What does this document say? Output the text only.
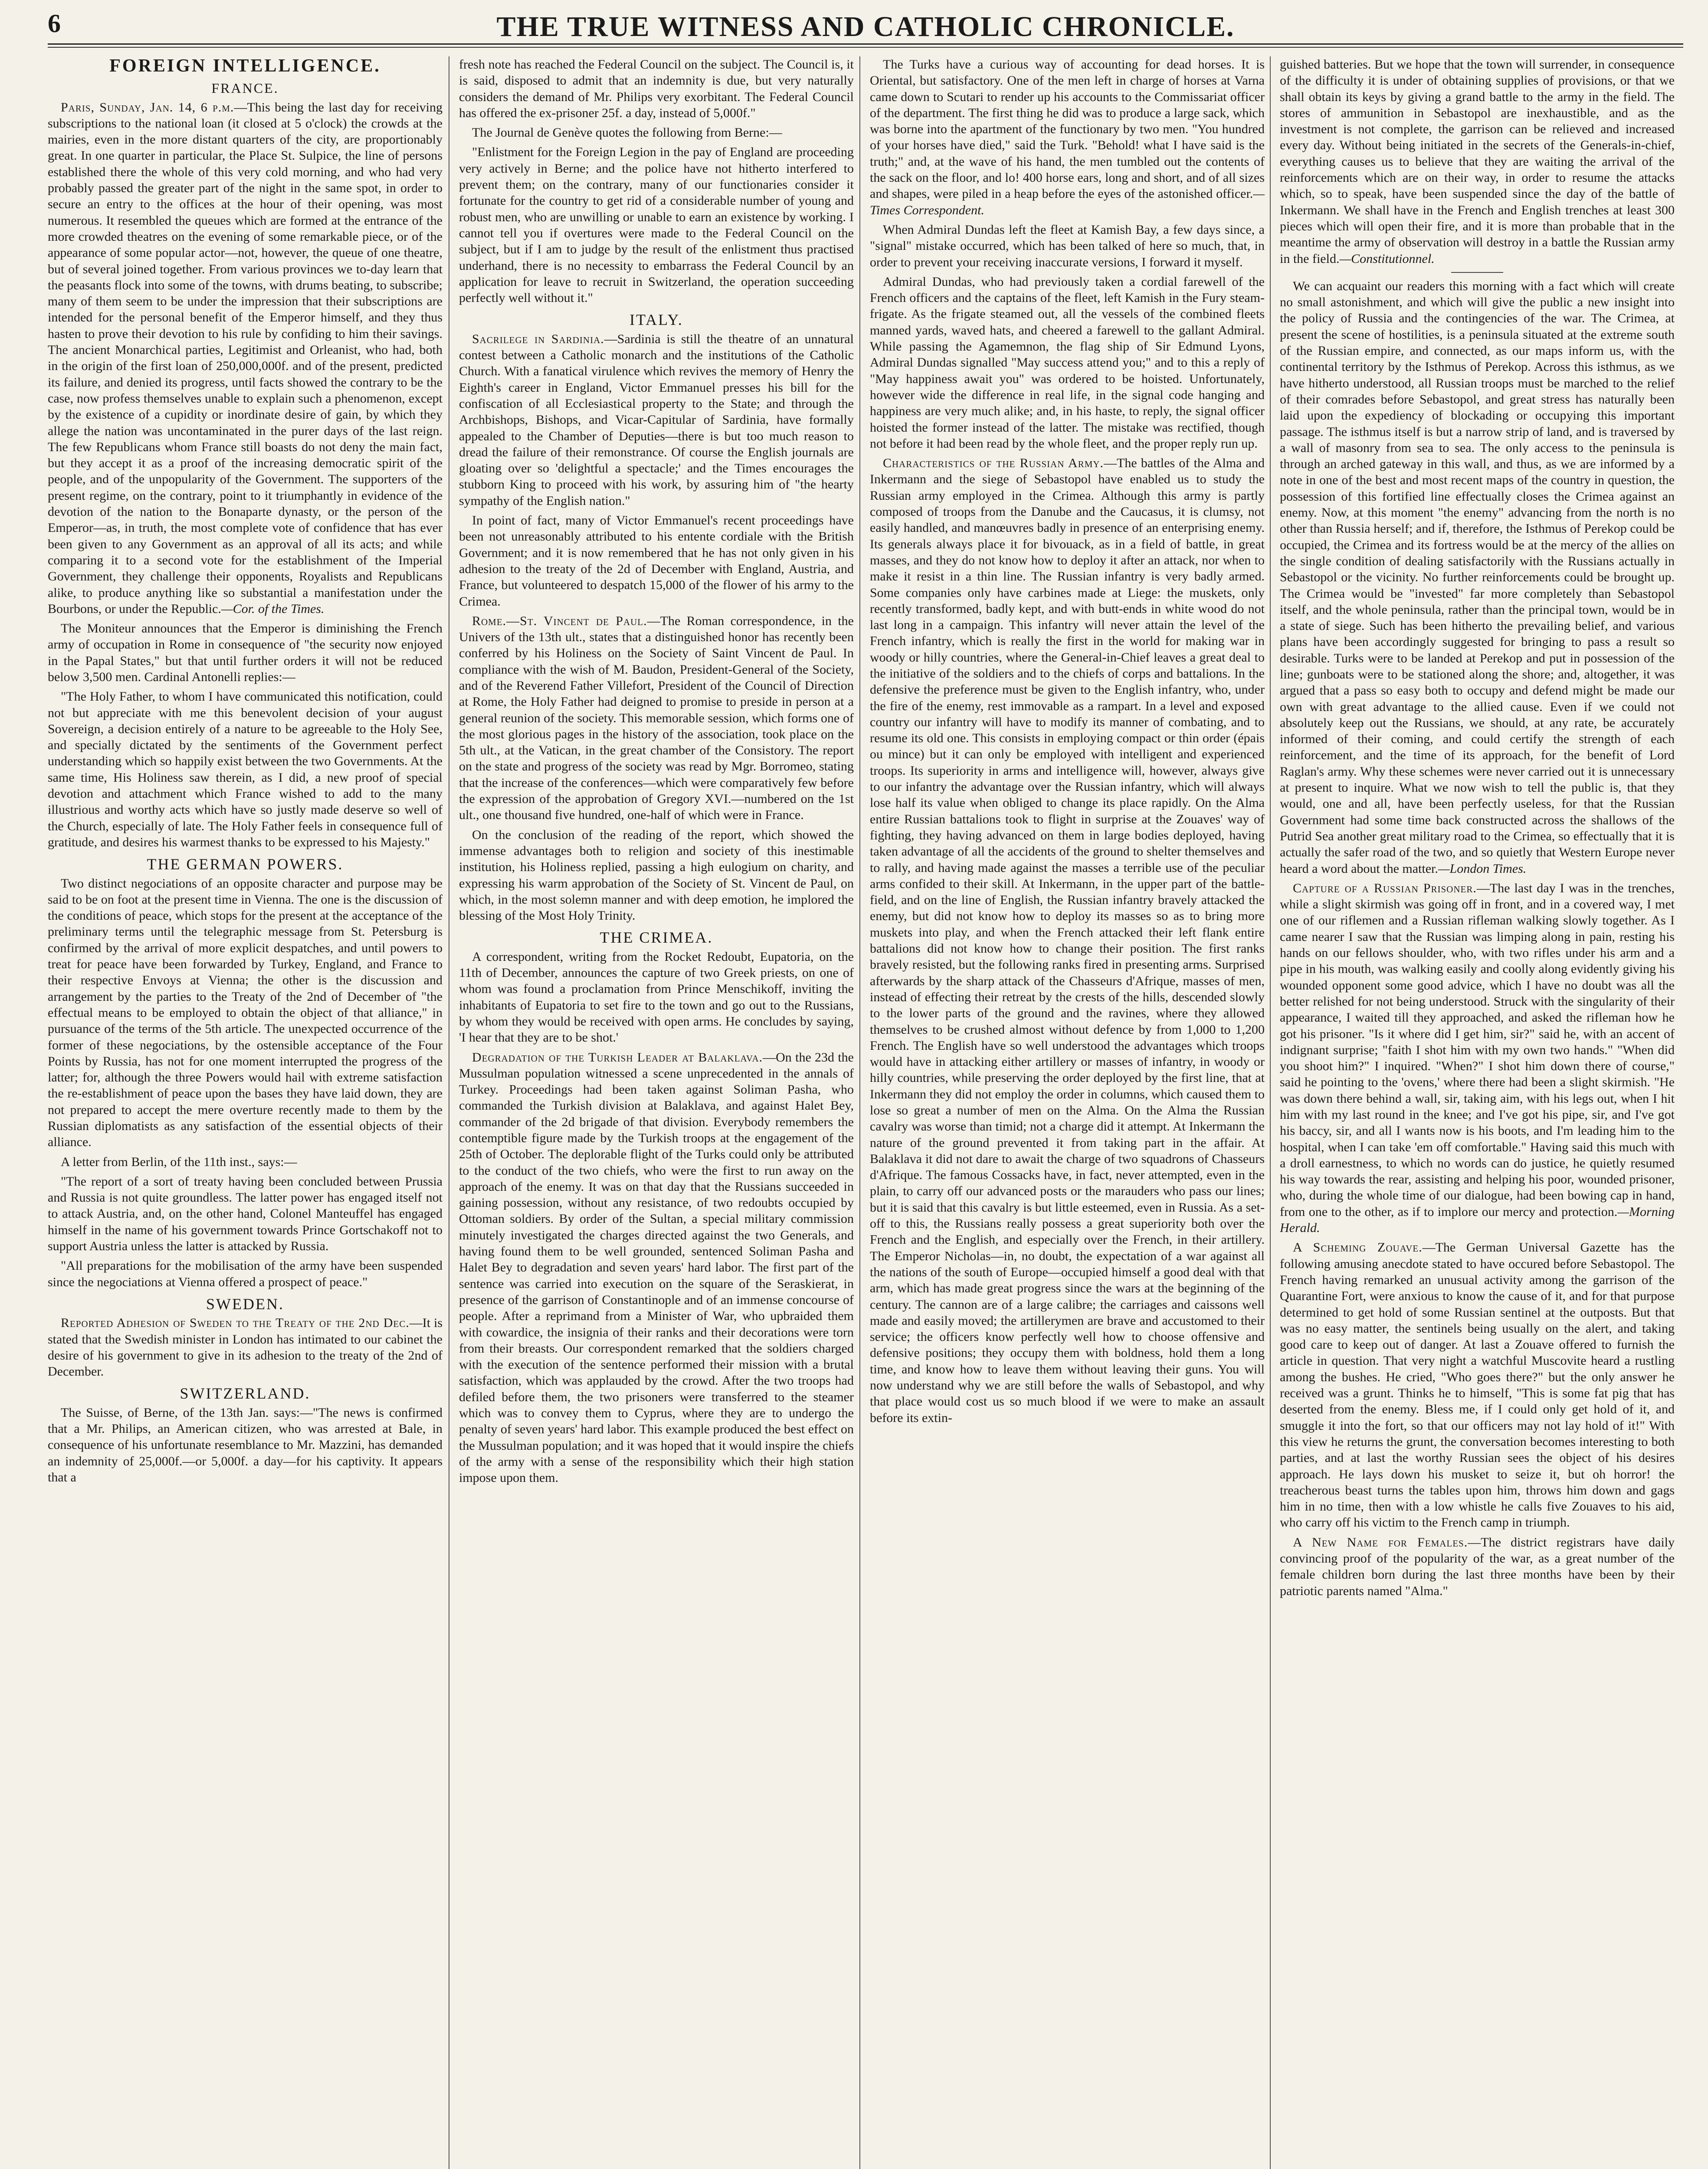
6	THE TRUE WITNESS AND CATHOLIC CHRONICLE.
FOREIGN INTELLIGENCE.
FRANCE.

Paris, Sunday, Jan. 14, 6 p.m.—This being the last day for receiving subscriptions to the national loan (it closed at 5 o'clock) the crowds at the mairies, even in the more distant quarters of the city, are proportionably great. In one quarter in particular, the Place St. Sulpice, the line of persons established there the whole of this very cold morning, and who had very probably passed the greater part of the night in the same spot, in order to secure an entry to the offices at the hour of their opening, was most numerous. It resembled the queues which are formed at the entrance of the more crowded theatres on the evening of some remarkable piece, or of the appearance of some popular actor—not, however, the queue of one theatre, but of several joined together. From various provinces we to-day learn that the peasants flock into some of the towns, with drums beating, to subscribe; many of them seem to be under the impression that their subscriptions are intended for the personal benefit of the Emperor himself, and they thus hasten to prove their devotion to his rule by confiding to him their savings. The ancient Monarchical parties, Legitimist and Orleanist, who had, both in the origin of the first loan of 250,000,000f. and of the present, predicted its failure, and denied its progress, until facts showed the contrary to be the case, now profess themselves unable to explain such a phenomenon, except by the existence of a cupidity or inordinate desire of gain, by which they allege the nation was uncontaminated in the purer days of the last reign. The few Republicans whom France still boasts do not deny the main fact, but they accept it as a proof of the increasing democratic spirit of the people, and of the unpopularity of the Government. The supporters of the present regime, on the contrary, point to it triumphantly in evidence of the devotion of the nation to the Bonaparte dynasty, or the person of the Emperor—as, in truth, the most complete vote of confidence that has ever been given to any Government as an approval of all its acts; and while comparing it to a second vote for the establishment of the Imperial Government, they challenge their opponents, Royalists and Republicans alike, to produce anything like so substantial a manifestation under the Bourbons, or under the Republic.—Cor. of the Times.

The Moniteur announces that the Emperor is diminishing the French army of occupation in Rome in consequence of "the security now enjoyed in the Papal States," but that until further orders it will not be reduced below 3,500 men. Cardinal Antonelli replies:—

"The Holy Father, to whom I have communicated this notification, could not but appreciate with me this benevolent decision of your august Sovereign, a decision entirely of a nature to be agreeable to the Holy See, and specially dictated by the sentiments of the Government perfect understanding which so happily exist between the two Governments. At the same time, His Holiness saw therein, as I did, a new proof of special devotion and attachment which France wished to add to the many illustrious and worthy acts which have so justly made deserve so well of the Church, especially of late. The Holy Father feels in consequence full of gratitude, and desires his warmest thanks to be expressed to his Majesty."

THE GERMAN POWERS.

Two distinct negociations of an opposite character and purpose may be said to be on foot at the present time in Vienna. The one is the discussion of the conditions of peace, which stops for the present at the acceptance of the preliminary terms until the telegraphic message from St. Petersburg is confirmed by the arrival of more explicit despatches, and until powers to treat for peace have been forwarded by Turkey, England, and France to their respective Envoys at Vienna; the other is the discussion and arrangement by the parties to the Treaty of the 2nd of December of "the effectual means to be employed to obtain the object of that alliance," in pursuance of the terms of the 5th article. The unexpected occurrence of the former of these negociations, by the ostensible acceptance of the Four Points by Russia, has not for one moment interrupted the progress of the latter; for, although the three Powers would hail with extreme satisfaction the re-establishment of peace upon the bases they have laid down, they are not prepared to accept the mere overture recently made to them by the Russian diplomatists as any satisfaction of the essential objects of their alliance.

A letter from Berlin, of the 11th inst., says:—

"The report of a sort of treaty having been concluded between Prussia and Russia is not quite groundless. The latter power has engaged itself not to attack Austria, and, on the other hand, Colonel Manteuffel has engaged himself in the name of his government towards Prince Gortschakoff not to support Austria unless the latter is attacked by Russia.

"All preparations for the mobilisation of the army have been suspended since the negociations at Vienna offered a prospect of peace."

SWEDEN.

Reported Adhesion of Sweden to the Treaty of the 2nd Dec.—It is stated that the Swedish minister in London has intimated to our cabinet the desire of his government to give in its adhesion to the treaty of the 2nd of December.

SWITZERLAND.

The Suisse, of Berne, of the 13th Jan. says:—"The news is confirmed that a Mr. Philips, an American citizen, who was arrested at Bale, in consequence of his unfortunate resemblance to Mr. Mazzini, has demanded an indemnity of 25,000f.—or 5,000f. a day—for his captivity. It appears that a

fresh note has reached the Federal Council on the subject. The Council is, it is said, disposed to admit that an indemnity is due, but very naturally considers the demand of Mr. Philips very exorbitant. The Federal Council has offered the ex-prisoner 25f. a day, instead of 5,000f."

The Journal de Genève quotes the following from Berne:—

"Enlistment for the Foreign Legion in the pay of England are proceeding very actively in Berne; and the police have not hitherto interfered to prevent them; on the contrary, many of our functionaries consider it fortunate for the country to get rid of a considerable number of young and robust men, who are unwilling or unable to earn an existence by working. I cannot tell you if overtures were made to the Federal Council on the subject, but if I am to judge by the result of the enlistment thus practised underhand, there is no necessity to embarrass the Federal Council by an application for leave to recruit in Switzerland, the operation succeeding perfectly well without it."

ITALY.

Sacrilege in Sardinia.—Sardinia is still the theatre of an unnatural contest between a Catholic monarch and the institutions of the Catholic Church. With a fanatical virulence which revives the memory of Henry the Eighth's career in England, Victor Emmanuel presses his bill for the confiscation of all Ecclesiastical property to the State; and through the Archbishops, Bishops, and Vicar-Capitular of Sardinia, have formally appealed to the Chamber of Deputies—there is but too much reason to dread the failure of their remonstrance. Of course the English journals are gloating over so 'delightful a spectacle;' and the Times encourages the stubborn King to proceed with his work, by assuring him of "the hearty sympathy of the English nation."

In point of fact, many of Victor Emmanuel's recent proceedings have been not unreasonably attributed to his entente cordiale with the British Government; and it is now remembered that he has not only given in his adhesion to the treaty of the 2d of December with England, Austria, and France, but volunteered to despatch 15,000 of the flower of his army to the Crimea.

Rome.—St. Vincent de Paul.—The Roman correspondence, in the Univers of the 13th ult., states that a distinguished honor has recently been conferred by his Holiness on the Society of Saint Vincent de Paul. In compliance with the wish of M. Baudon, President-General of the Society, and of the Reverend Father Villefort, President of the Council of Direction at Rome, the Holy Father had deigned to promise to preside in person at a general reunion of the society. This memorable session, which forms one of the most glorious pages in the history of the association, took place on the 5th ult., at the Vatican, in the great chamber of the Consistory. The report on the state and progress of the society was read by Mgr. Borromeo, stating that the increase of the conferences—which were comparatively few before the expression of the approbation of Gregory XVI.—numbered on the 1st ult., one thousand five hundred, one-half of which were in France.

On the conclusion of the reading of the report, which showed the immense advantages both to religion and society of this inestimable institution, his Holiness replied, passing a high eulogium on charity, and expressing his warm approbation of the Society of St. Vincent de Paul, on which, in the most solemn manner and with deep emotion, he implored the blessing of the Most Holy Trinity.

THE CRIMEA.

A correspondent, writing from the Rocket Redoubt, Eupatoria, on the 11th of December, announces the capture of two Greek priests, on one of whom was found a proclamation from Prince Menschikoff, inviting the inhabitants of Eupatoria to set fire to the town and go out to the Russians, by whom they would be received with open arms. He concludes by saying, 'I hear that they are to be shot.'

Degradation of the Turkish Leader at Balaklava.—On the 23d the Mussulman population witnessed a scene unprecedented in the annals of Turkey. Proceedings had been taken against Soliman Pasha, who commanded the Turkish division at Balaklava, and against Halet Bey, commander of the 2d brigade of that division. Everybody remembers the contemptible figure made by the Turkish troops at the engagement of the 25th of October. The deplorable flight of the Turks could only be attributed to the conduct of the two chiefs, who were the first to run away on the approach of the enemy. It was on that day that the Russians succeeded in gaining possession, without any resistance, of two redoubts occupied by Ottoman soldiers. By order of the Sultan, a special military commission minutely investigated the charges directed against the two Generals, and having found them to be well grounded, sentenced Soliman Pasha and Halet Bey to degradation and seven years' hard labor. The first part of the sentence was carried into execution on the square of the Seraskierat, in presence of the garrison of Constantinople and of an immense concourse of people. After a reprimand from a Minister of War, who upbraided them with cowardice, the insignia of their ranks and their decorations were torn from their breasts. Our correspondent remarked that the soldiers charged with the execution of the sentence performed their mission with a brutal satisfaction, which was applauded by the crowd. After the two troops had defiled before them, the two prisoners were transferred to the steamer which was to convey them to Cyprus, where they are to undergo the penalty of seven years' hard labor. This example produced the best effect on the Mussulman population; and it was hoped that it would inspire the chiefs of the army with a sense of the responsibility which their high station impose upon them.

The Turks have a curious way of accounting for dead horses. It is Oriental, but satisfactory. One of the men left in charge of horses at Varna came down to Scutari to render up his accounts to the Commissariat officer of the department. The first thing he did was to produce a large sack, which was borne into the apartment of the functionary by two men. "You hundred of your horses have died," said the Turk. "Behold! what I have said is the truth;" and, at the wave of his hand, the men tumbled out the contents of the sack on the floor, and lo! 400 horse ears, long and short, and of all sizes and shapes, were piled in a heap before the eyes of the astonished officer.—Times Correspondent.

When Admiral Dundas left the fleet at Kamish Bay, a few days since, a "signal" mistake occurred, which has been talked of here so much, that, in order to prevent your receiving inaccurate versions, I forward it myself.

Admiral Dundas, who had previously taken a cordial farewell of the French officers and the captains of the fleet, left Kamish in the Fury steam-frigate. As the frigate steamed out, all the vessels of the combined fleets manned yards, waved hats, and cheered a farewell to the gallant Admiral. While passing the Agamemnon, the flag ship of Sir Edmund Lyons, Admiral Dundas signalled "May success attend you;" and to this a reply of "May happiness await you" was ordered to be hoisted. Unfortunately, however wide the difference in real life, in the signal code hanging and happiness are very much alike; and, in his haste, to reply, the signal officer hoisted the former instead of the latter. The mistake was rectified, though not before it had been read by the whole fleet, and the proper reply run up.

Characteristics of the Russian Army.—The battles of the Alma and Inkermann and the siege of Sebastopol have enabled us to study the Russian army employed in the Crimea. Although this army is partly composed of troops from the Danube and the Caucasus, it is clumsy, not easily handled, and manœuvres badly in presence of an enterprising enemy. Its generals always place it for bivouack, as in a field of battle, in great masses, and they do not know how to deploy it after an attack, nor when to make it resist in a thin line. The Russian infantry is very badly armed. Some companies only have carbines made at Liege: the muskets, only recently transformed, badly kept, and with butt-ends in white wood do not last long in a campaign. This infantry will never attain the level of the French infantry, which is really the first in the world for making war in woody or hilly countries, where the General-in-Chief leaves a great deal to the initiative of the soldiers and to the chiefs of corps and battalions. In the defensive the preference must be given to the English infantry, who, under the fire of the enemy, rest immovable as a rampart. In a level and exposed country our infantry will have to modify its manner of combating, and to resume its old one. This consists in employing compact or thin order (épais ou mince) but it can only be employed with intelligent and experienced troops. Its superiority in arms and intelligence will, however, always give to our infantry the advantage over the Russian infantry, which will always lose half its value when obliged to change its place rapidly. On the Alma entire Russian battalions took to flight in surprise at the Zouaves' way of fighting, they having advanced on them in large bodies deployed, having taken advantage of all the accidents of the ground to shelter themselves and to rally, and having made against the masses a terrible use of the peculiar arms confided to their skill. At Inkermann, in the upper part of the battle-field, and on the line of English, the Russian infantry bravely attacked the enemy, but did not know how to deploy its masses so as to bring more muskets into play, and when the French attacked their left flank entire battalions did not know how to change their position. The first ranks bravely resisted, but the following ranks fired in presenting arms. Surprised afterwards by the sharp attack of the Chasseurs d'Afrique, masses of men, instead of effecting their retreat by the crests of the hills, descended slowly to the lower parts of the ground and the ravines, where they allowed themselves to be crushed almost without defence by from 1,000 to 1,200 French. The English have so well understood the advantages which troops would have in attacking either artillery or masses of infantry, in woody or hilly countries, while preserving the order deployed by the first line, that at Inkermann they did not employ the order in columns, which caused them to lose so great a number of men on the Alma. On the Alma the Russian cavalry was worse than timid; not a charge did it attempt. At Inkermann the nature of the ground prevented it from taking part in the affair. At Balaklava it did not dare to await the charge of two squadrons of Chasseurs d'Afrique. The famous Cossacks have, in fact, never attempted, even in the plain, to carry off our advanced posts or the marauders who pass our lines; but it is said that this cavalry is but little esteemed, even in Russia. As a set-off to this, the Russians really possess a great superiority both over the French and the English, and especially over the French, in their artillery. The Emperor Nicholas—in, no doubt, the expectation of a war against all the nations of the south of Europe—occupied himself a good deal with that arm, which has made great progress since the wars at the beginning of the century. The cannon are of a large calibre; the carriages and caissons well made and easily moved; the artillerymen are brave and accustomed to their service; the officers know perfectly well how to choose offensive and defensive positions; they occupy them with boldness, hold them a long time, and know how to leave them without leaving their guns. You will now understand why we are still before the walls of Sebastopol, and why that place would cost us so much blood if we were to make an assault before its extin-

guished batteries. But we hope that the town will surrender, in consequence of the difficulty it is under of obtaining supplies of provisions, or that we shall obtain its keys by giving a grand battle to the army in the field. The stores of ammunition in Sebastopol are inexhaustible, and as the investment is not complete, the garrison can be relieved and increased every day. Without being initiated in the secrets of the Generals-in-chief, everything causes us to believe that they are waiting the arrival of the reinforcements which are on their way, in order to resume the attacks which, so to speak, have been suspended since the day of the battle of Inkermann. We shall have in the French and English trenches at least 300 pieces which will open their fire, and it is more than probable that in the meantime the army of observation will destroy in a battle the Russian army in the field.—Constitutionnel.

We can acquaint our readers this morning with a fact which will create no small astonishment, and which will give the public a new insight into the policy of Russia and the contingencies of the war. The Crimea, at present the scene of hostilities, is a peninsula situated at the extreme south of the Russian empire, and connected, as our maps inform us, with the continental territory by the Isthmus of Perekop. Across this isthmus, as we have hitherto understood, all Russian troops must be marched to the relief of their comrades before Sebastopol, and great stress has naturally been laid upon the expediency of blockading or occupying this important passage. The isthmus itself is but a narrow strip of land, and is traversed by a wall of masonry from sea to sea. The only access to the peninsula is through an arched gateway in this wall, and thus, as we are informed by a note in one of the best and most recent maps of the country in question, the possession of this fortified line effectually closes the Crimea against an enemy. Now, at this moment "the enemy" advancing from the north is no other than Russia herself; and if, therefore, the Isthmus of Perekop could be occupied, the Crimea and its fortress would be at the mercy of the allies on the single condition of dealing satisfactorily with the Russians actually in Sebastopol or the vicinity. No further reinforcements could be brought up. The Crimea would be "invested" far more completely than Sebastopol itself, and the whole peninsula, rather than the principal town, would be in a state of siege. Such has been hitherto the prevailing belief, and various plans have been accordingly suggested for bringing to pass a result so desirable. Turks were to be landed at Perekop and put in possession of the line; gunboats were to be stationed along the shore; and, altogether, it was argued that a pass so easy both to occupy and defend might be made our own with great advantage to the allied cause. Even if we could not absolutely keep out the Russians, we should, at any rate, be accurately informed of their coming, and could certify the strength of each reinforcement, and the time of its approach, for the benefit of Lord Raglan's army. Why these schemes were never carried out it is unnecessary at present to inquire. What we now wish to tell the public is, that they would, one and all, have been perfectly useless, for that the Russian Government had some time back constructed across the shallows of the Putrid Sea another great military road to the Crimea, so effectually that it is actually the safer road of the two, and so quietly that Western Europe never heard a word about the matter.—London Times.

Capture of a Russian Prisoner.—The last day I was in the trenches, while a slight skirmish was going off in front, and in a covered way, I met one of our riflemen and a Russian rifleman walking slowly together. As I came nearer I saw that the Russian was limping along in pain, resting his hands on our fellows shoulder, who, with two rifles under his arm and a pipe in his mouth, was walking easily and coolly along evidently giving his wounded opponent some good advice, which I have no doubt was all the better relished for not being understood. Struck with the singularity of their appearance, I waited till they approached, and asked the rifleman how he got his prisoner. "Is it where did I get him, sir?" said he, with an accent of indignant surprise; "faith I shot him with my own two hands." "When did you shoot him?" I inquired. "When?" I shot him down there of course," said he pointing to the 'ovens,' where there had been a slight skirmish. "He was down there behind a wall, sir, taking aim, with his legs out, when I hit him with my last round in the knee; and I've got his pipe, sir, and I've got his baccy, sir, and all I wants now is his boots, and I'm leading him to the hospital, when I can take 'em off comfortable." Having said this much with a droll earnestness, to which no words can do justice, he quietly resumed his way towards the rear, assisting and helping his poor, wounded prisoner, who, during the whole time of our dialogue, had been bowing cap in hand, from one to the other, as if to implore our mercy and protection.—Morning Herald.

A Scheming Zouave.—The German Universal Gazette has the following amusing anecdote stated to have occured before Sebastopol. The French having remarked an unusual activity among the garrison of the Quarantine Fort, were anxious to know the cause of it, and for that purpose determined to get hold of some Russian sentinel at the outposts. But that was no easy matter, the sentinels being usually on the alert, and taking good care to keep out of danger. At last a Zouave offered to furnish the article in question. That very night a watchful Muscovite heard a rustling among the bushes. He cried, "Who goes there?" but the only answer he received was a grunt. Thinks he to himself, "This is some fat pig that has deserted from the enemy. Bless me, if I could only get hold of it, and smuggle it into the fort, so that our officers may not lay hold of it!" With this view he returns the grunt, the conversation becomes interesting to both parties, and at last the worthy Russian sees the object of his desires approach. He lays down his musket to seize it, but oh horror! the treacherous beast turns the tables upon him, throws him down and gags him in no time, then with a low whistle he calls five Zouaves to his aid, who carry off his victim to the French camp in triumph.

A New Name for Females.—The district registrars have daily convincing proof of the popularity of the war, as a great number of the female children born during the last three months have been by their patriotic parents named "Alma."
